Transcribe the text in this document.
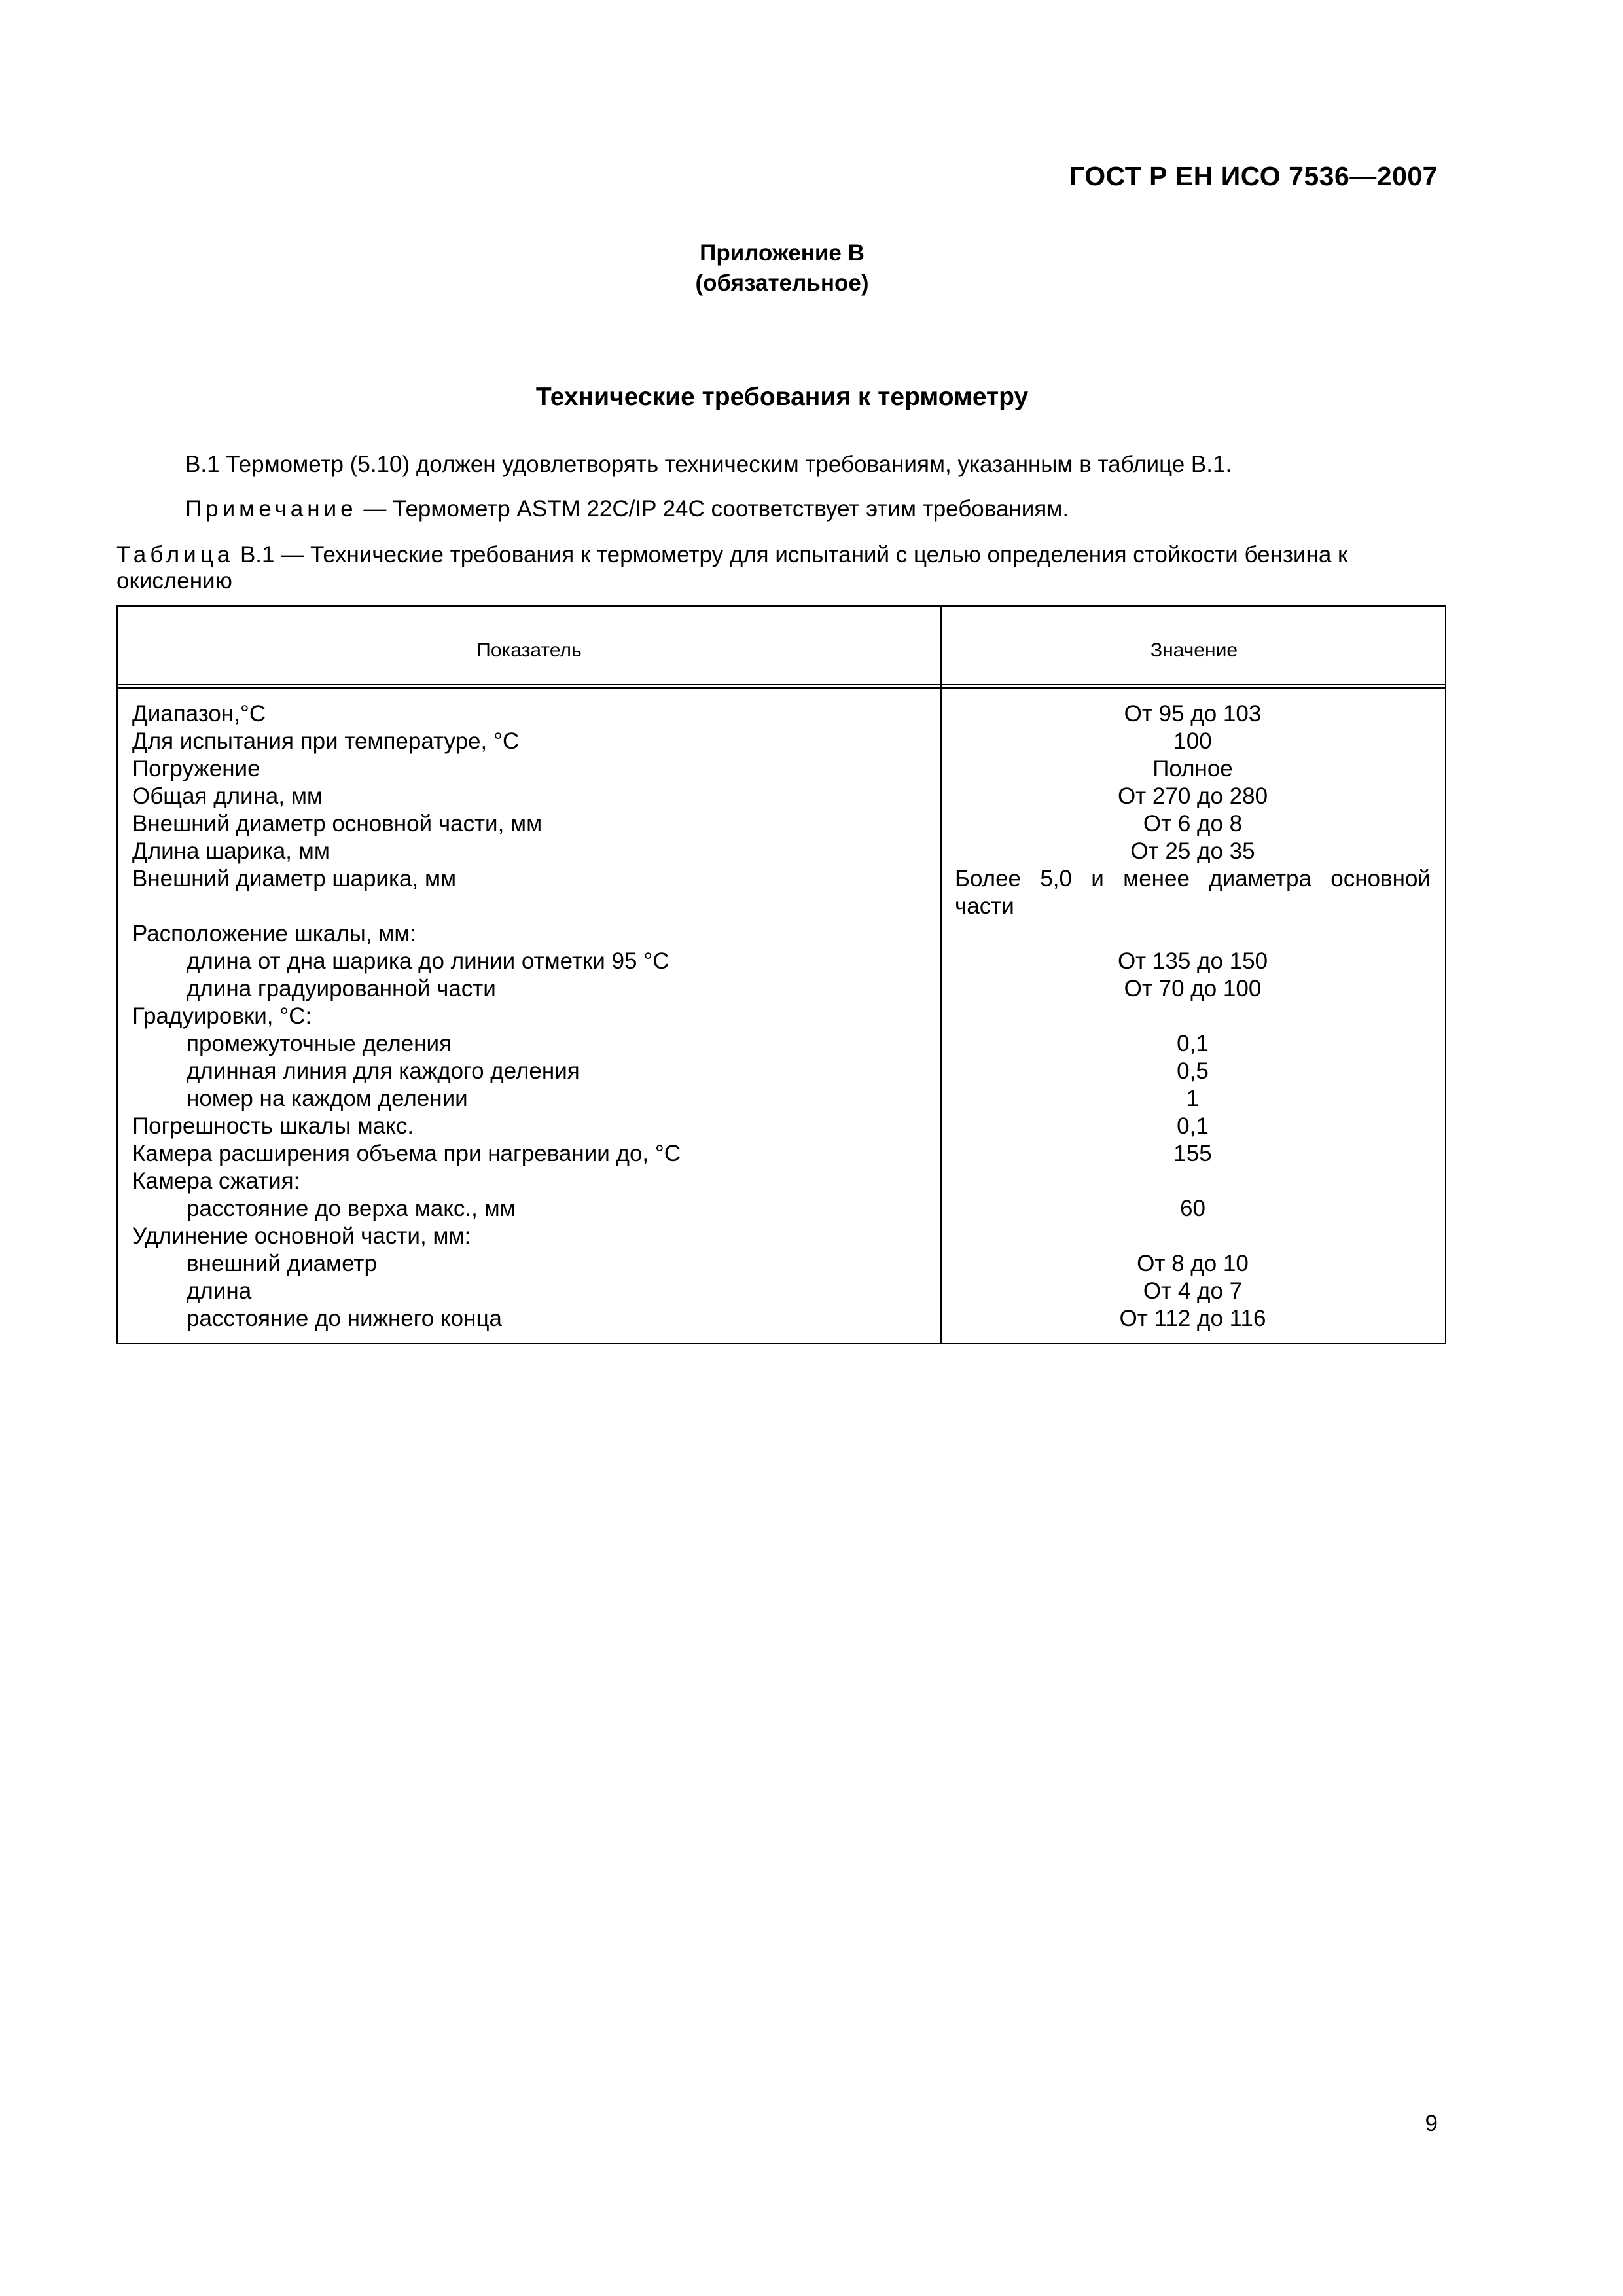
ГОСТ Р ЕН ИСО 7536—2007
Приложение В
(обязательное)
Технические требования к термометру
В.1 Термометр (5.10) должен удовлетворять техническим требованиям, указанным в таблице В.1.
Примечание — Термометр ASTM 22C/IP 24C соответствует этим требованиям.
Таблица В.1 — Технические требования к термометру для испытаний с целью определения стойкости бензина к окислению
Показатель	Значение
Диапазон,°С	От 95 до 103
Для испытания при температуре, °С	100
Погружение	Полное
Общая длина, мм	От 270 до 280
Внешний диаметр основной части, мм	От 6 до 8
Длина шарика, мм	От 25 до 35
Внешний диаметр шарика, мм	Более 5,0 и менее диаметра основной части
Расположение шкалы, мм:
длина от дна шарика до линии отметки 95 °С	От 135 до 150
длина градуированной части	От 70 до 100
Градуировки, °С:
промежуточные деления	0,1
длинная линия для каждого деления	0,5
номер на каждом делении	1
Погрешность шкалы макс.	0,1
Камера расширения объема при нагревании до, °С	155
Камера сжатия:
расстояние до верха макс., мм	60
Удлинение основной части, мм:
внешний диаметр	От 8 до 10
длина	От 4 до 7
расстояние до нижнего конца	От 112 до 116
9
